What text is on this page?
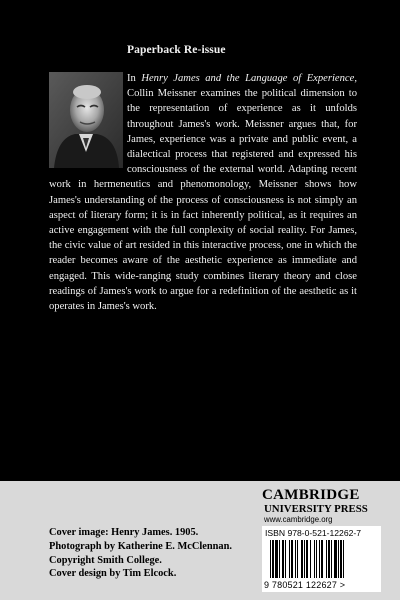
Paperback Re-issue

In Henry James and the Language of Experience, Collin Meissner examines the political dimension to the representation of experience as it unfolds throughout James's work. Meissner argues that, for James, experience was a private and public event, a dialectical process that registered and expressed his consciousness of the external world. Adapting recent work in hermeneutics and phenomonology, Meissner shows how James's understanding of the process of consciousness is not simply an aspect of literary form; it is in fact inherently political, as it requires an active engagement with the full conplexity of social reality. For James, the civic value of art resided in this interactive process, one in which the reader becomes aware of the aesthetic experience as immediate and engaged. This wide-ranging study combines literary theory and close readings of James's work to argue for a redefinition of the aesthetic as it operates in James's work.

Cover image: Henry James. 1905.
Photograph by Katherine E. McClennan.
Copyright Smith College.
Cover design by Tim Elcock.
CAMBRIDGE
UNIVERSITY PRESS
www.cambridge.org
ISBN 978-0-521-12262-7
9 780521 122627 >
